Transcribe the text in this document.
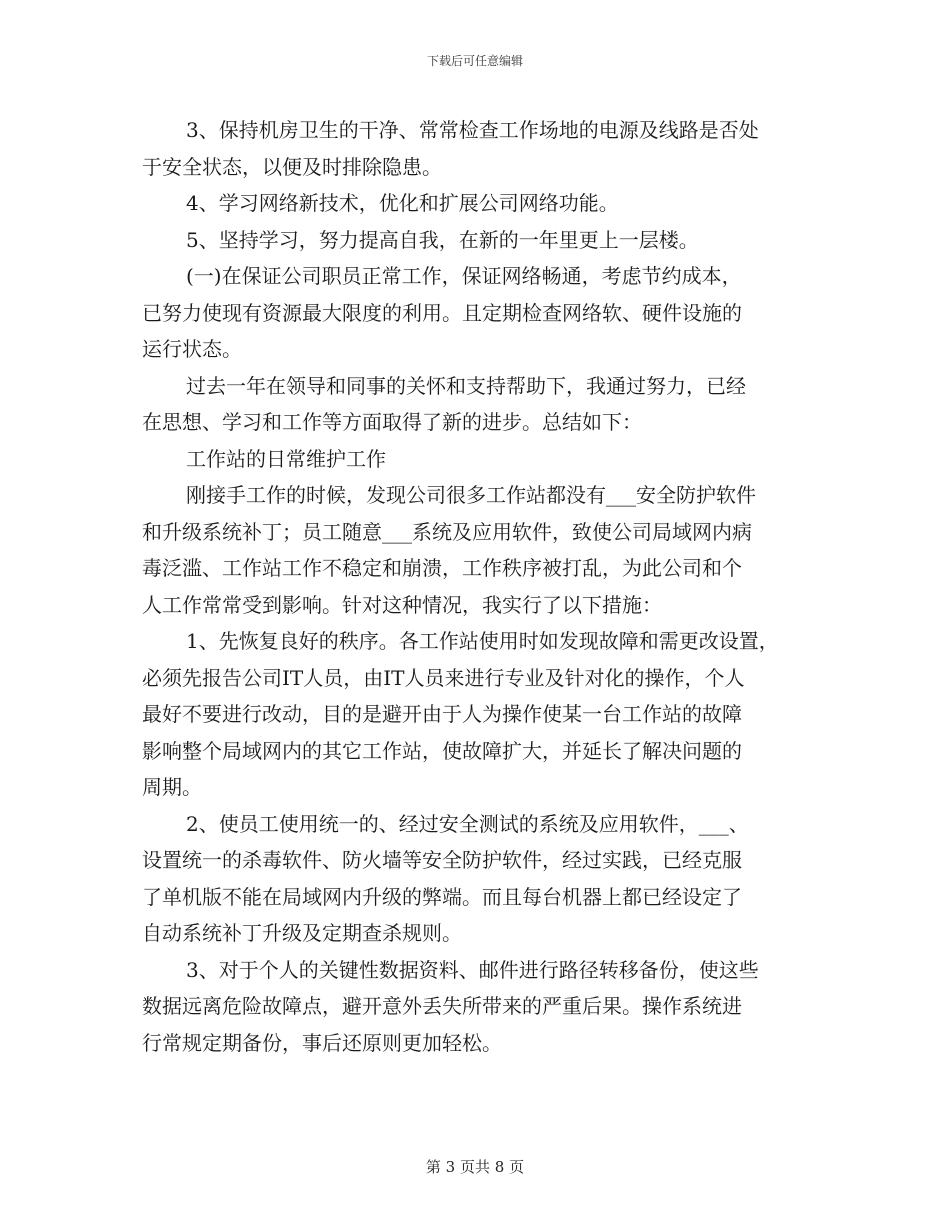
下载后可任意编辑
3、保持机房卫生的干净、常常检查工作场地的电源及线路是否处
于安全状态，以便及时排除隐患。
4、学习网络新技术，优化和扩展公司网络功能。
5、坚持学习，努力提高自我，在新的一年里更上一层楼。
(一)在保证公司职员正常工作，保证网络畅通，考虑节约成本，
已努力使现有资源最大限度的利用。且定期检查网络软、硬件设施的
运行状态。
过去一年在领导和同事的关怀和支持帮助下，我通过努力，已经
在思想、学习和工作等方面取得了新的进步。总结如下：
工作站的日常维护工作
刚接手工作的时候，发现公司很多工作站都没有___安全防护软件
和升级系统补丁；员工随意___系统及应用软件，致使公司局域网内病
毒泛滥、工作站工作不稳定和崩溃，工作秩序被打乱，为此公司和个
人工作常常受到影响。针对这种情况，我实行了以下措施：
1、先恢复良好的秩序。各工作站使用时如发现故障和需更改设置，
必须先报告公司IT人员，由IT人员来进行专业及针对化的操作，个人
最好不要进行改动，目的是避开由于人为操作使某一台工作站的故障
影响整个局域网内的其它工作站，使故障扩大，并延长了解决问题的
周期。
2、使员工使用统一的、经过安全测试的系统及应用软件，___、
设置统一的杀毒软件、防火墙等安全防护软件，经过实践，已经克服
了单机版不能在局域网内升级的弊端。而且每台机器上都已经设定了
自动系统补丁升级及定期查杀规则。
3、对于个人的关键性数据资料、邮件进行路径转移备份，使这些
数据远离危险故障点，避开意外丢失所带来的严重后果。操作系统进
行常规定期备份，事后还原则更加轻松。
第 3 页共 8 页
